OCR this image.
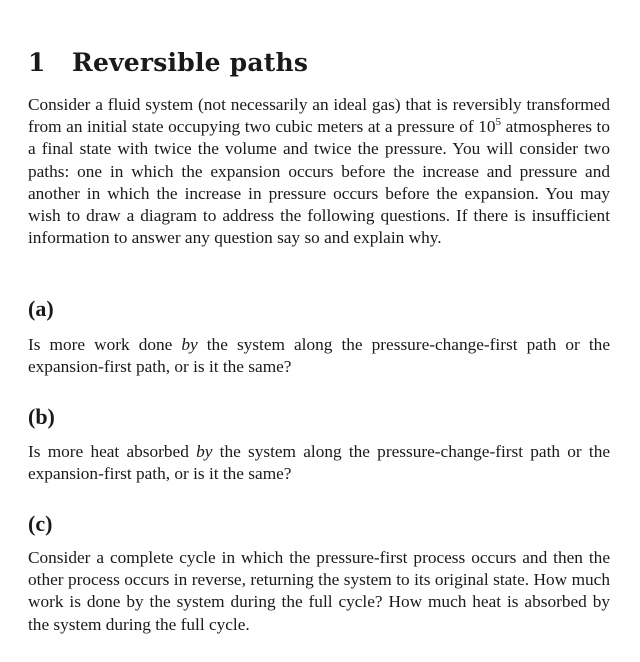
1 Reversible paths
Consider a fluid system (not necessarily an ideal gas) that is reversibly transformed from an initial state occupying two cubic meters at a pressure of $10^5$ atmospheres to a final state with twice the volume and twice the pressure. You will consider two paths: one in which the expansion occurs before the increase and pressure and another in which the increase in pressure occurs before the expansion. You may wish to draw a diagram to address the following questions. If there is insufficient information to answer any question say so and explain why.
(a)
Is more work done by the system along the pressure-change-first path or the expansion-first path, or is it the same?
(b)
Is more heat absorbed by the system along the pressure-change-first path or the expansion-first path, or is it the same?
(c)
Consider a complete cycle in which the pressure-first process occurs and then the other process occurs in reverse, returning the system to its original state. How much work is done by the system during the full cycle? How much heat is absorbed by the system during the full cycle.
